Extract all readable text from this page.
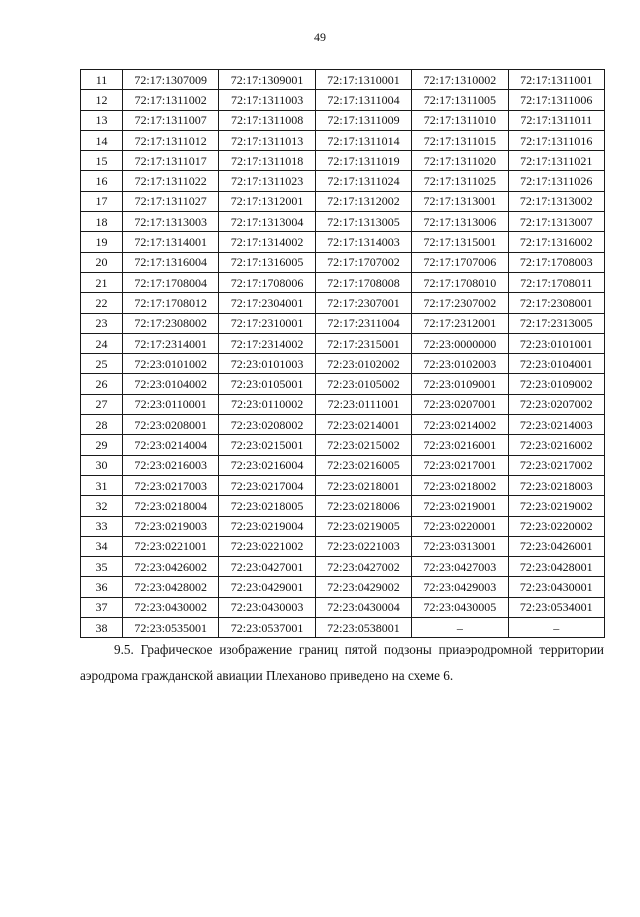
49
11	72:17:1307009	72:17:1309001	72:17:1310001	72:17:1310002	72:17:1311001
12	72:17:1311002	72:17:1311003	72:17:1311004	72:17:1311005	72:17:1311006
13	72:17:1311007	72:17:1311008	72:17:1311009	72:17:1311010	72:17:1311011
14	72:17:1311012	72:17:1311013	72:17:1311014	72:17:1311015	72:17:1311016
15	72:17:1311017	72:17:1311018	72:17:1311019	72:17:1311020	72:17:1311021
16	72:17:1311022	72:17:1311023	72:17:1311024	72:17:1311025	72:17:1311026
17	72:17:1311027	72:17:1312001	72:17:1312002	72:17:1313001	72:17:1313002
18	72:17:1313003	72:17:1313004	72:17:1313005	72:17:1313006	72:17:1313007
19	72:17:1314001	72:17:1314002	72:17:1314003	72:17:1315001	72:17:1316002
20	72:17:1316004	72:17:1316005	72:17:1707002	72:17:1707006	72:17:1708003
21	72:17:1708004	72:17:1708006	72:17:1708008	72:17:1708010	72:17:1708011
22	72:17:1708012	72:17:2304001	72:17:2307001	72:17:2307002	72:17:2308001
23	72:17:2308002	72:17:2310001	72:17:2311004	72:17:2312001	72:17:2313005
24	72:17:2314001	72:17:2314002	72:17:2315001	72:23:0000000	72:23:0101001
25	72:23:0101002	72:23:0101003	72:23:0102002	72:23:0102003	72:23:0104001
26	72:23:0104002	72:23:0105001	72:23:0105002	72:23:0109001	72:23:0109002
27	72:23:0110001	72:23:0110002	72:23:0111001	72:23:0207001	72:23:0207002
28	72:23:0208001	72:23:0208002	72:23:0214001	72:23:0214002	72:23:0214003
29	72:23:0214004	72:23:0215001	72:23:0215002	72:23:0216001	72:23:0216002
30	72:23:0216003	72:23:0216004	72:23:0216005	72:23:0217001	72:23:0217002
31	72:23:0217003	72:23:0217004	72:23:0218001	72:23:0218002	72:23:0218003
32	72:23:0218004	72:23:0218005	72:23:0218006	72:23:0219001	72:23:0219002
33	72:23:0219003	72:23:0219004	72:23:0219005	72:23:0220001	72:23:0220002
34	72:23:0221001	72:23:0221002	72:23:0221003	72:23:0313001	72:23:0426001
35	72:23:0426002	72:23:0427001	72:23:0427002	72:23:0427003	72:23:0428001
36	72:23:0428002	72:23:0429001	72:23:0429002	72:23:0429003	72:23:0430001
37	72:23:0430002	72:23:0430003	72:23:0430004	72:23:0430005	72:23:0534001
38	72:23:0535001	72:23:0537001	72:23:0538001	–	–
9.5. Графическое изображение границ пятой подзоны приаэродромной территории аэродрома гражданской авиации Плеханово приведено на схеме 6.
